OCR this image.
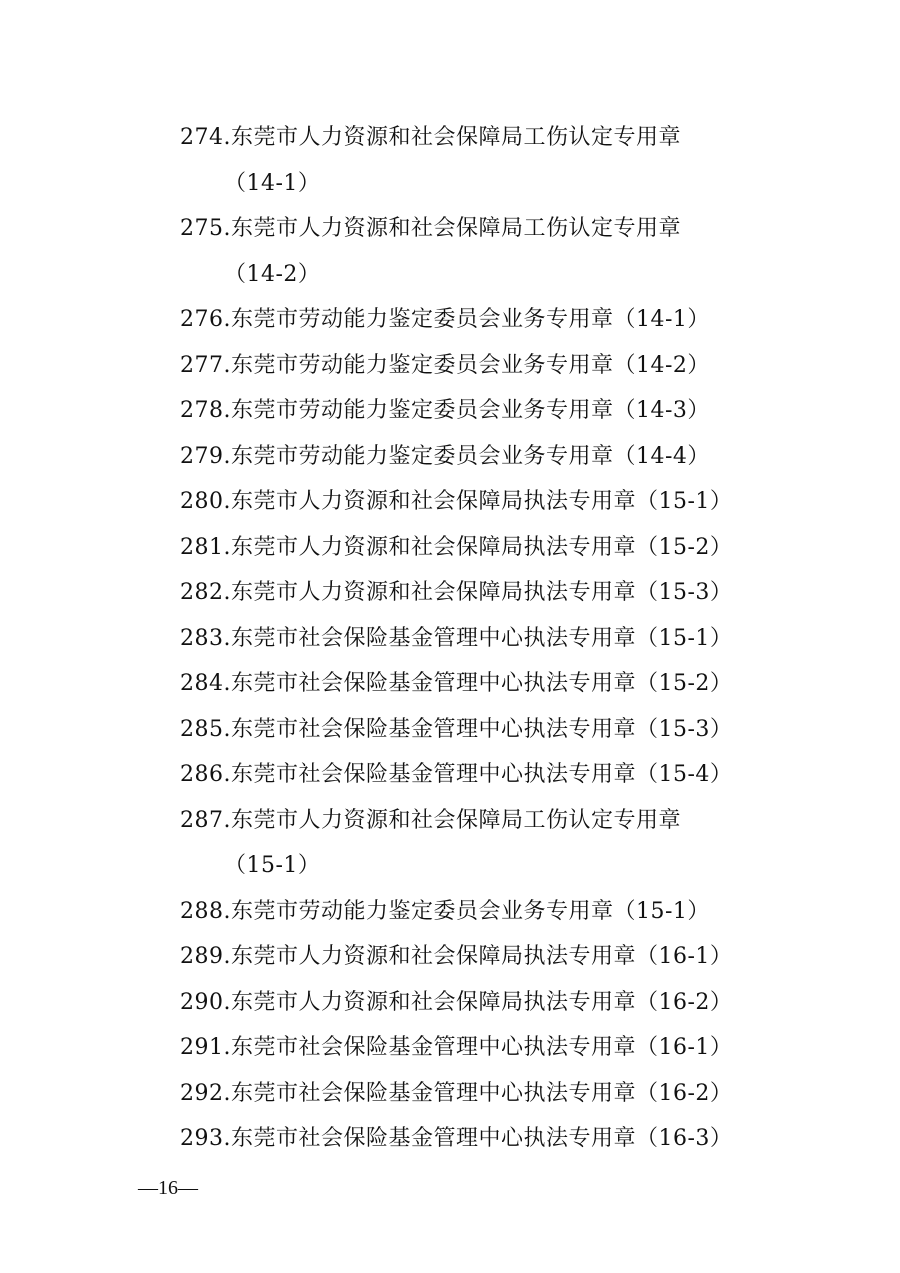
274.东莞市人力资源和社会保障局工伤认定专用章
（14-1）
275.东莞市人力资源和社会保障局工伤认定专用章
（14-2）
276.东莞市劳动能力鉴定委员会业务专用章（14-1）
277.东莞市劳动能力鉴定委员会业务专用章（14-2）
278.东莞市劳动能力鉴定委员会业务专用章（14-3）
279.东莞市劳动能力鉴定委员会业务专用章（14-4）
280.东莞市人力资源和社会保障局执法专用章（15-1）
281.东莞市人力资源和社会保障局执法专用章（15-2）
282.东莞市人力资源和社会保障局执法专用章（15-3）
283.东莞市社会保险基金管理中心执法专用章（15-1）
284.东莞市社会保险基金管理中心执法专用章（15-2）
285.东莞市社会保险基金管理中心执法专用章（15-3）
286.东莞市社会保险基金管理中心执法专用章（15-4）
287.东莞市人力资源和社会保障局工伤认定专用章
（15-1）
288.东莞市劳动能力鉴定委员会业务专用章（15-1）
289.东莞市人力资源和社会保障局执法专用章（16-1）
290.东莞市人力资源和社会保障局执法专用章（16-2）
291.东莞市社会保险基金管理中心执法专用章（16-1）
292.东莞市社会保险基金管理中心执法专用章（16-2）
293.东莞市社会保险基金管理中心执法专用章（16-3）
—16—
